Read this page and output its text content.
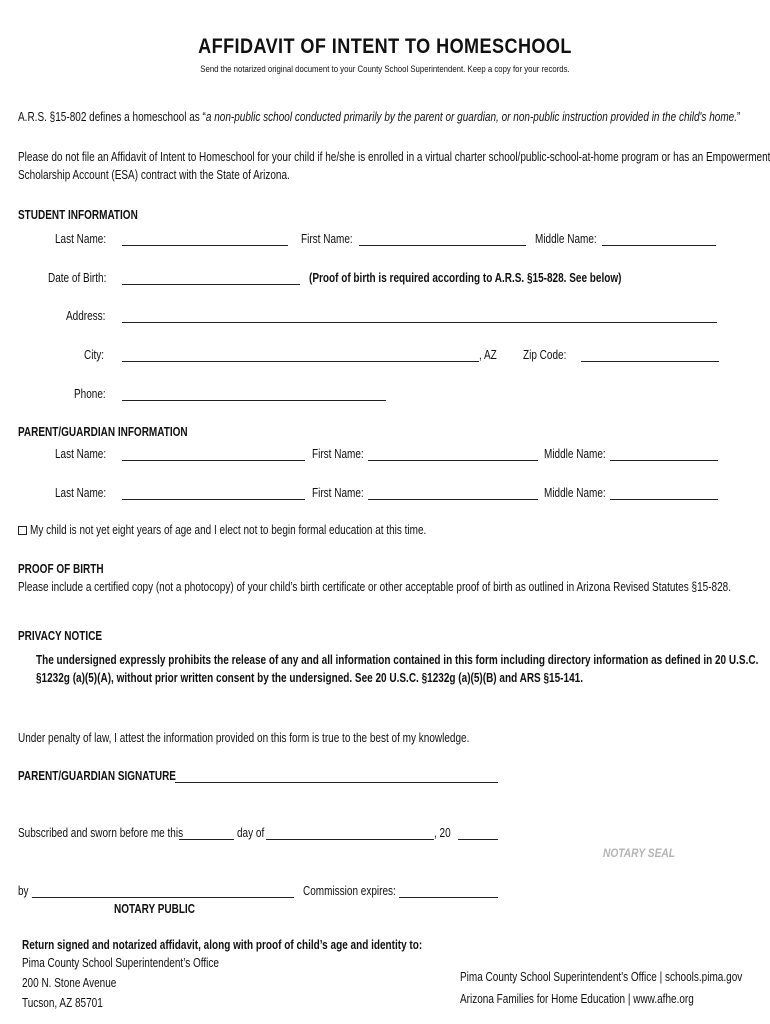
AFFIDAVIT OF INTENT TO HOMESCHOOL
Send the notarized original document to your County School Superintendent. Keep a copy for your records.
A.R.S. §15-802 defines a homeschool as “a non-public school conducted primarily by the parent or guardian, or non-public instruction provided in the child's home.”
Please do not file an Affidavit of Intent to Homeschool for your child if he/she is enrolled in a virtual charter school/public-school-at-home program or has an Empowerment
Scholarship Account (ESA) contract with the State of Arizona.
STUDENT INFORMATION
Last Name:	First Name:	Middle Name:
Date of Birth:	(Proof of birth is required according to A.R.S. §15-828. See below)
Address:
City:	, AZ Zip Code:
Phone:
PARENT/GUARDIAN INFORMATION
Last Name:	First Name:	Middle Name:
Last Name:	First Name:	Middle Name:
My child is not yet eight years of age and I elect not to begin formal education at this time.
PROOF OF BIRTH
Please include a certified copy (not a photocopy) of your child’s birth certificate or other acceptable proof of birth as outlined in Arizona Revised Statutes §15-828.
PRIVACY NOTICE
The undersigned expressly prohibits the release of any and all information contained in this form including directory information as defined in 20 U.S.C.
§1232g (a)(5)(A), without prior written consent by the undersigned. See 20 U.S.C. §1232g (a)(5)(B) and ARS §15-141.
Under penalty of law, I attest the information provided on this form is true to the best of my knowledge.
PARENT/GUARDIAN SIGNATURE
Subscribed and sworn before me this	day of	, 20
NOTARY SEAL
by	Commission expires:
NOTARY PUBLIC
Return signed and notarized affidavit, along with proof of child’s age and identity to:
Pima County School Superintendent’s Office
200 N. Stone Avenue
Tucson, AZ 85701
Pima County School Superintendent's Office | schools.pima.gov
Arizona Families for Home Education | www.afhe.org
